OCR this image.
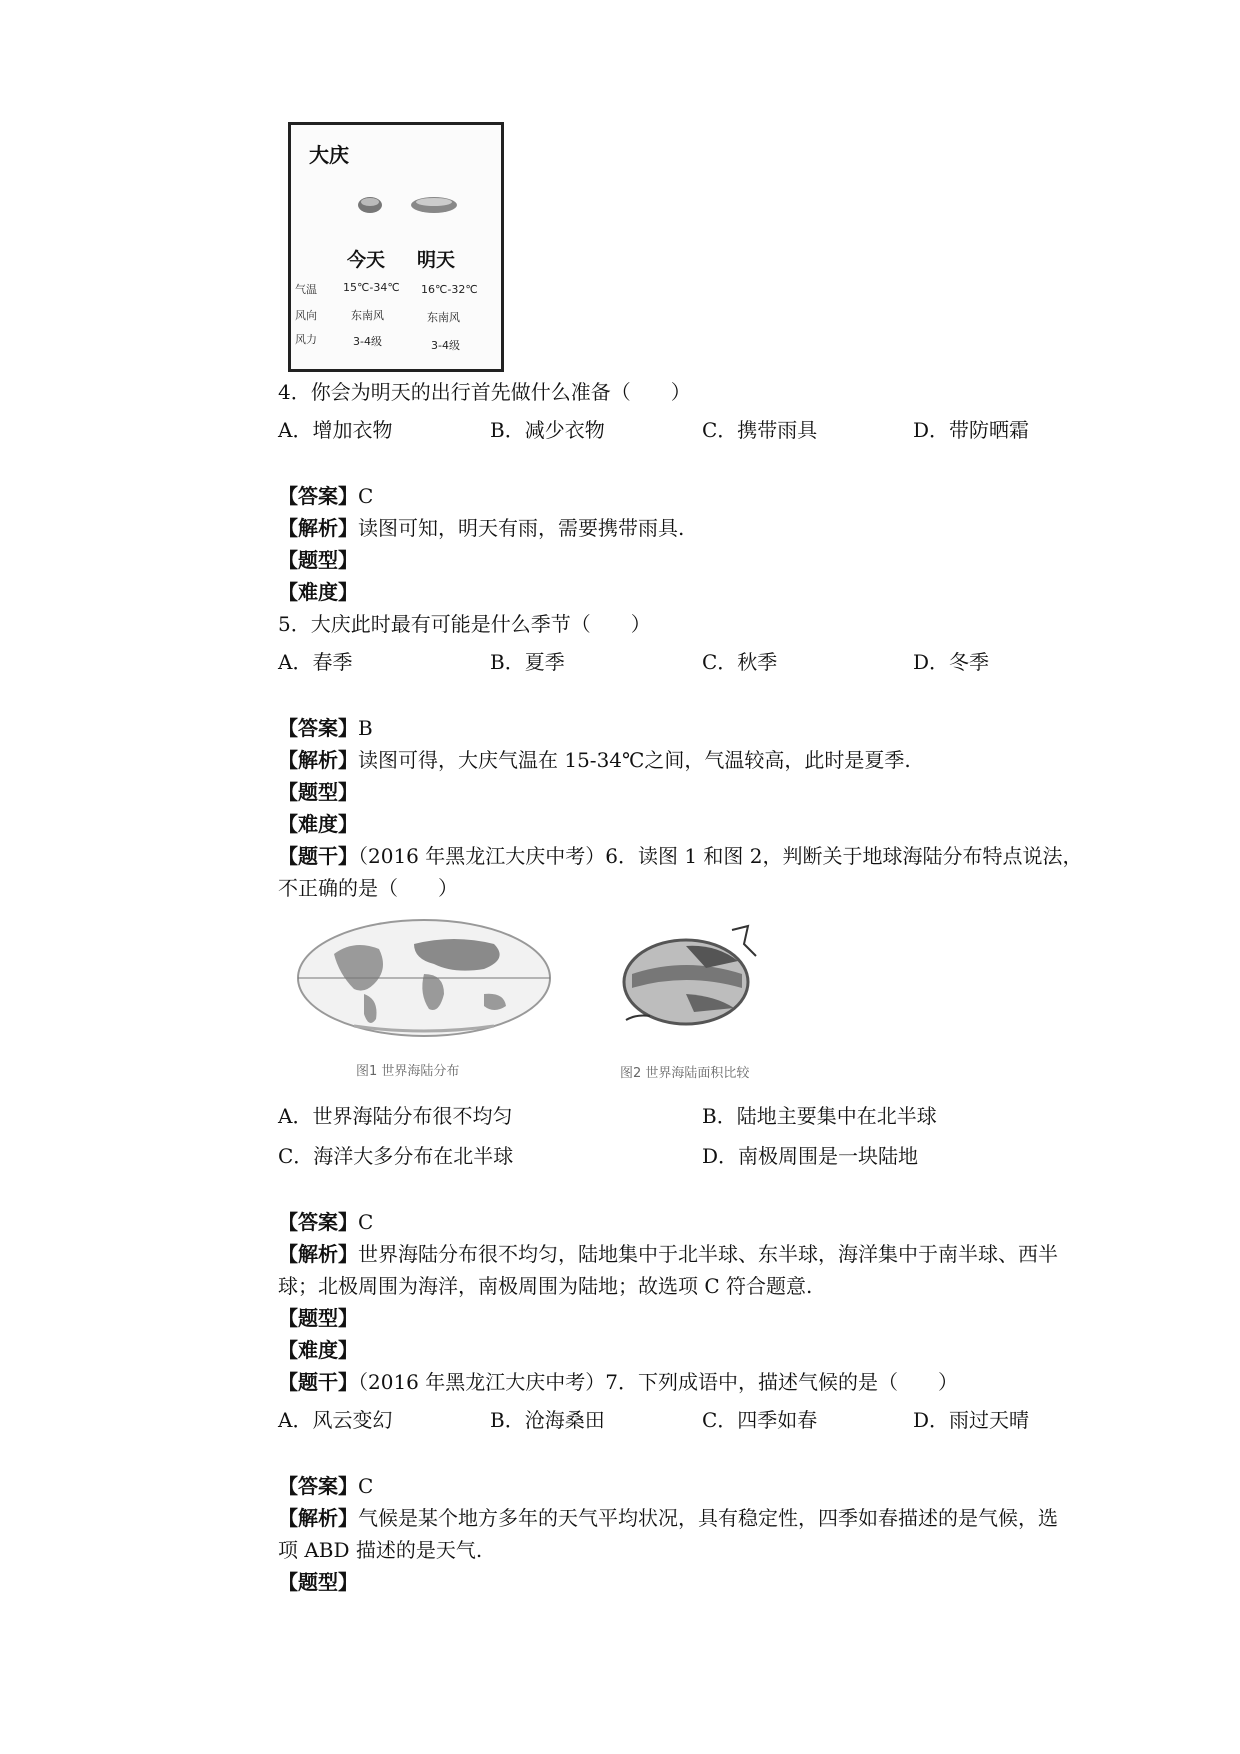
大庆
今天 明天
气温 15℃-34℃ 16℃-32℃
风向	东南风	东南风
风力	3-4级	3-4级
4．你会为明天的出行首先做什么准备（　　）
A．增加衣物	B．减少衣物	C．携带雨具	D．带防晒霜
【答案】C
【解析】读图可知，明天有雨，需要携带雨具.
【题型】
【难度】
5．大庆此时最有可能是什么季节（　　）
A．春季	B．夏季	C．秋季	D．冬季
【答案】B
【解析】读图可得，大庆气温在 15-34℃之间，气温较高，此时是夏季.
【题型】
【难度】
【题干】（2016 年黑龙江大庆中考）6．读图 1 和图 2，判断关于地球海陆分布特点说法，
不正确的是（　　）
图1 世界海陆分布	图2 世界海陆面积比较
A．世界海陆分布很不均匀	B．陆地主要集中在北半球
C．海洋大多分布在北半球	D．南极周围是一块陆地
【答案】C
【解析】世界海陆分布很不均匀，陆地集中于北半球、东半球，海洋集中于南半球、西半
球；北极周围为海洋，南极周围为陆地；故选项 C 符合题意.
【题型】
【难度】
【题干】（2016 年黑龙江大庆中考）7．下列成语中，描述气候的是（　　）
A．风云变幻	B．沧海桑田	C．四季如春	D．雨过天晴
【答案】C
【解析】气候是某个地方多年的天气平均状况，具有稳定性，四季如春描述的是气候，选
项 ABD 描述的是天气.
【题型】
